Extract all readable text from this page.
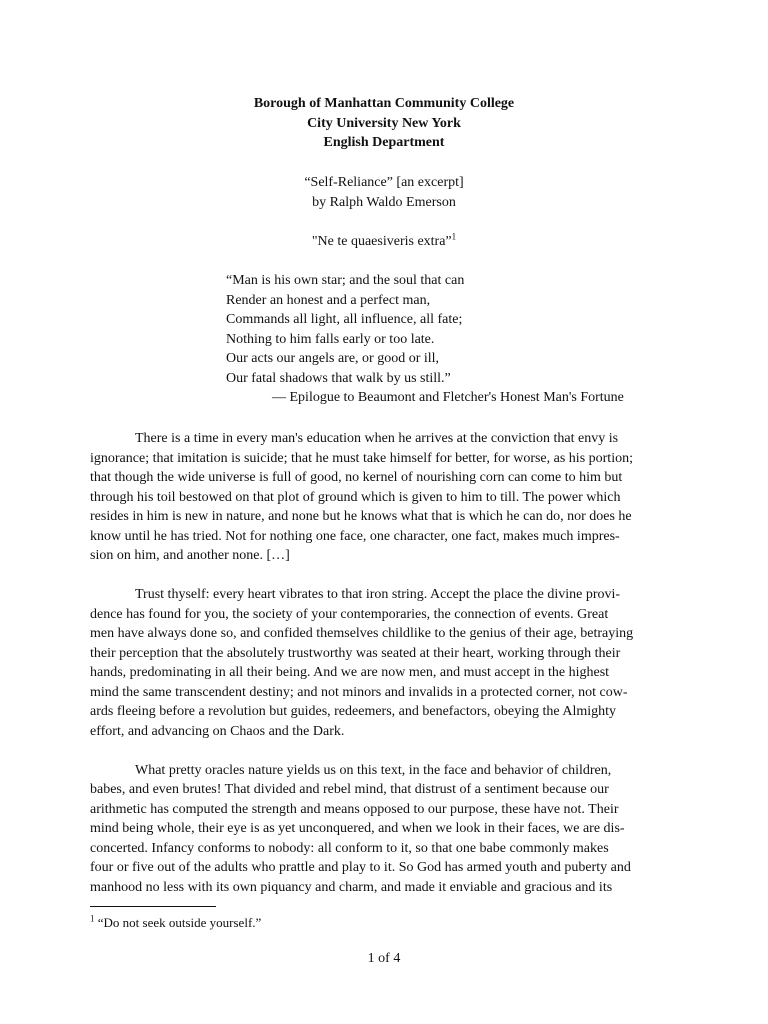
Borough of Manhattan Community College
City University New York
English Department
“Self-Reliance” [an excerpt]
by Ralph Waldo Emerson
"Ne te quaesiveris extra”$^1$
“Man is his own star; and the soul that can
Render an honest and a perfect man,
Commands all light, all influence, all fate;
Nothing to him falls early or too late.
Our acts our angels are, or good or ill,
Our fatal shadows that walk by us still.”
— Epilogue to Beaumont and Fletcher's Honest Man's Fortune
There is a time in every man's education when he arrives at the conviction that envy is
ignorance; that imitation is suicide; that he must take himself for better, for worse, as his portion;
that though the wide universe is full of good, no kernel of nourishing corn can come to him but
through his toil bestowed on that plot of ground which is given to him to till. The power which
resides in him is new in nature, and none but he knows what that is which he can do, nor does he
know until he has tried. Not for nothing one face, one character, one fact, makes much impres-
sion on him, and another none. […]
Trust thyself: every heart vibrates to that iron string. Accept the place the divine provi-
dence has found for you, the society of your contemporaries, the connection of events. Great
men have always done so, and confided themselves childlike to the genius of their age, betraying
their perception that the absolutely trustworthy was seated at their heart, working through their
hands, predominating in all their being. And we are now men, and must accept in the highest
mind the same transcendent destiny; and not minors and invalids in a protected corner, not cow-
ards fleeing before a revolution but guides, redeemers, and benefactors, obeying the Almighty
effort, and advancing on Chaos and the Dark.
What pretty oracles nature yields us on this text, in the face and behavior of children,
babes, and even brutes! That divided and rebel mind, that distrust of a sentiment because our
arithmetic has computed the strength and means opposed to our purpose, these have not. Their
mind being whole, their eye is as yet unconquered, and when we look in their faces, we are dis-
concerted. Infancy conforms to nobody: all conform to it, so that one babe commonly makes
four or five out of the adults who prattle and play to it. So God has armed youth and puberty and
manhood no less with its own piquancy and charm, and made it enviable and gracious and its
$^1$ “Do not seek outside yourself.”
1 of 4
